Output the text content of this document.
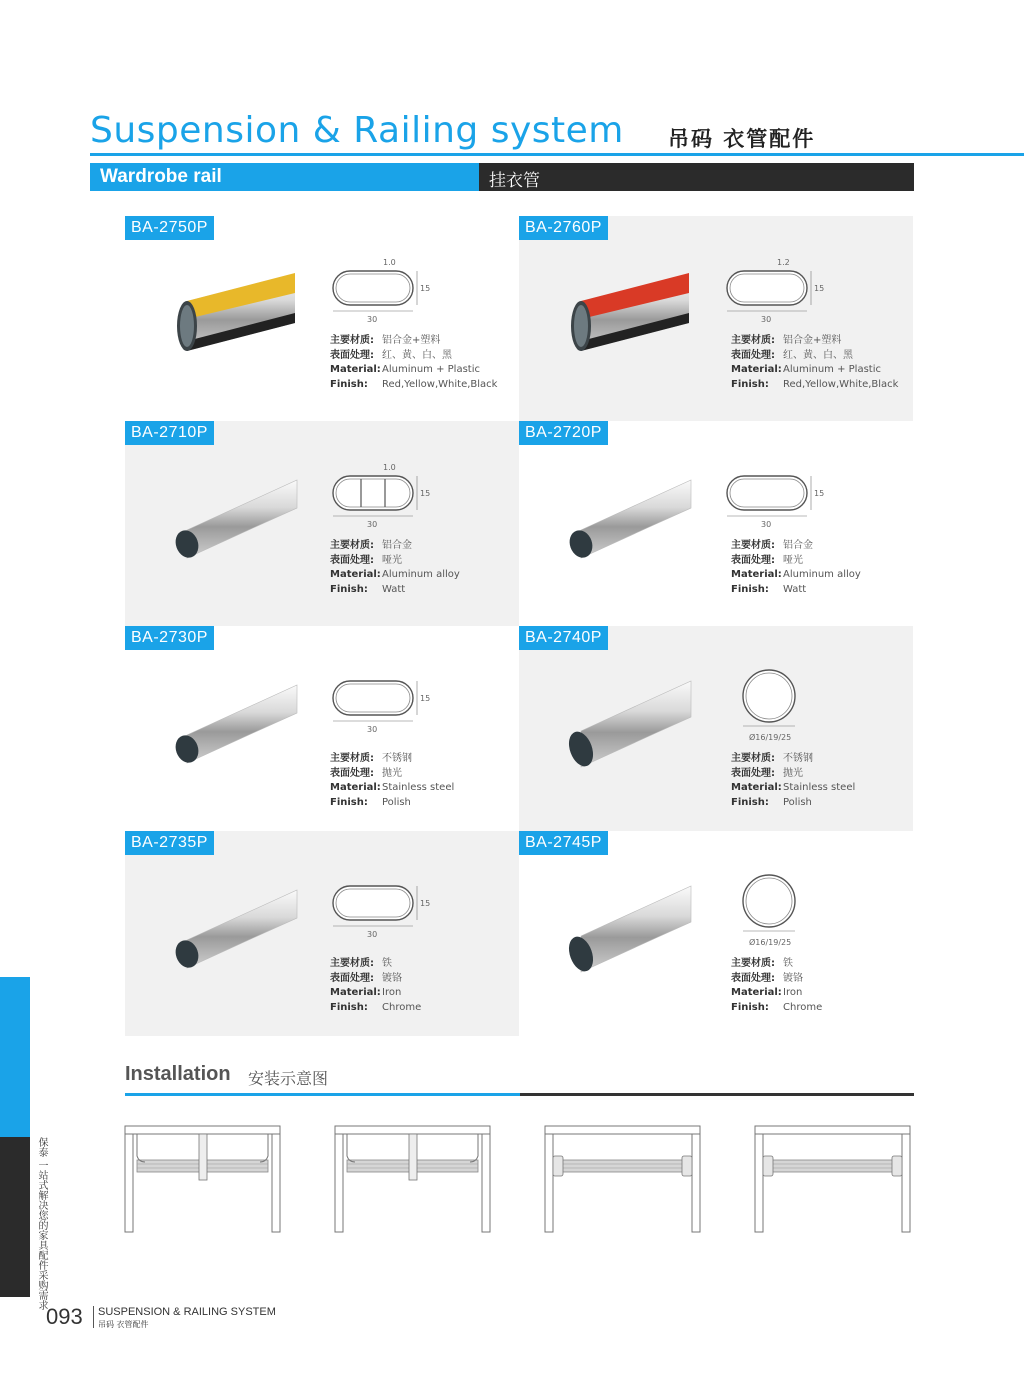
Suspension & Railing system 吊码 衣管配件
Wardrobe rail	挂衣管
BA-2750P
30
15
1.0
主要材质: 铝合金+塑料
表面处理: 红、黄、白、黑
Material: Aluminum + Plastic
Finish:	Red,Yellow,White,Black
BA-2760P
30
15
1.2
主要材质: 铝合金+塑料
表面处理: 红、黄、白、黑
Material: Aluminum + Plastic
Finish:	Red,Yellow,White,Black
BA-2710P
30
15
1.0
主要材质: 铝合金
表面处理: 哑光
Material: Aluminum alloy
Finish:	Watt
BA-2720P
30
15
主要材质: 铝合金
表面处理: 哑光
Material: Aluminum alloy
Finish:	Watt
BA-2730P
30
15
主要材质: 不锈钢
表面处理: 抛光
Material: Stainless steel
Finish:	Polish
BA-2740P
Ø16/19/25
主要材质: 不锈钢
表面处理: 抛光
Material: Stainless steel
Finish:	Polish
BA-2735P
30
15
主要材质: 铁
表面处理: 镀铬
Material: Iron
Finish:	Chrome
BA-2745P
Ø16/19/25
主要材质: 铁
表面处理: 镀铬
Material: Iron
Finish:	Chrome
Installation 安装示意图
保泰 一站式解决您的家具配件采购需求
093 SUSPENSION & RAILING SYSTEM
吊码 衣管配件
